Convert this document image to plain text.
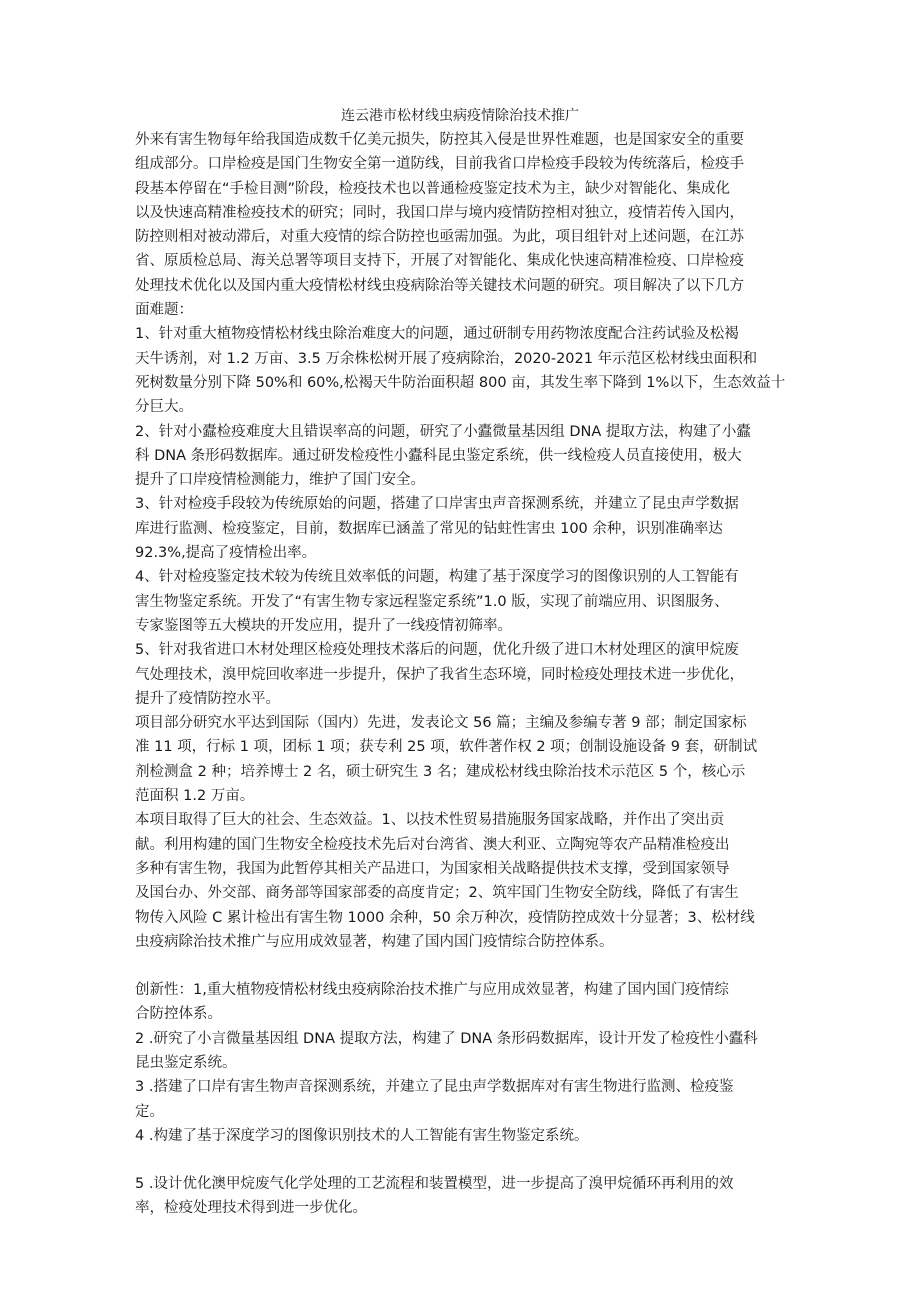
连云港市松材线虫病疫情除治技术推广

外来有害生物每年给我国造成数千亿美元损失，防控其入侵是世界性难题，也是国家安全的重要

组成部分。口岸检疫是国门生物安全第一道防线，目前我省口岸检疫手段较为传统落后，检疫手

段基本停留在“手检目测”阶段，检疫技术也以普通检疫鉴定技术为主，缺少对智能化、集成化

以及快速高精准检疫技术的研究；同时，我国口岸与境内疫情防控相对独立，疫情若传入国内，

防控则相对被动滞后，对重大疫情的综合防控也亟需加强。为此，项目组针对上述问题，在江苏

省、原质检总局、海关总署等项目支持下，开展了对智能化、集成化快速高精准检疫、口岸检疫

处理技术优化以及国内重大疫情松材线虫疫病除治等关键技术问题的研究。项目解决了以下几方

面难题：

1、针对重大植物疫情松材线虫除治难度大的问题，通过研制专用药物浓度配合注药试验及松褐

天牛诱剂，对 1.2 万亩、3.5 万余株松树开展了疫病除治，2020-2021 年示范区松材线虫面积和

死树数量分别下降 50%和 60%,松褐天牛防治面积超 800 亩，其发生率下降到 1%以下，生态效益十

分巨大。

2、针对小蠹检疫难度大且错误率高的问题，研究了小蠹微量基因组 DNA 提取方法，构建了小蠹

科 DNA 条形码数据库。通过研发检疫性小蠹科昆虫鉴定系统，供一线检疫人员直接使用，极大

提升了口岸疫情检测能力，维护了国门安全。

3、针对检疫手段较为传统原始的问题，搭建了口岸害虫声音探测系统，并建立了昆虫声学数据

库进行监测、检疫鉴定，目前，数据库已涵盖了常见的钻蛀性害虫 100 余种，识别准确率达

92.3%,提高了疫情检出率。

4、针对检疫鉴定技术较为传统且效率低的问题，构建了基于深度学习的图像识别的人工智能有

害生物鉴定系统。开发了“有害生物专家远程鉴定系统”1.0 版，实现了前端应用、识图服务、

专家鉴图等五大模块的开发应用，提升了一线疫情初筛率。

5、针对我省进口木材处理区检疫处理技术落后的问题，优化升级了进口木材处理区的演甲烷废

气处理技术，溴甲烷回收率进一步提升，保护了我省生态环境，同时检疫处理技术进一步优化，

提升了疫情防控水平。

项目部分研究水平达到国际（国内）先进，发表论文 56 篇；主编及参编专著 9 部；制定国家标

准 11 项，行标 1 项，团标 1 项；获专利 25 项，软件著作权 2 项；创制设施设备 9 套，研制试

剂检测盒 2 种；培养博士 2 名，硕士研究生 3 名；建成松材线虫除治技术示范区 5 个，核心示

范面积 1.2 万亩。

本项目取得了巨大的社会、生态效益。1、以技术性贸易措施服务国家战略，并作出了突出贡

献。利用构建的国门生物安全检疫技术先后对台湾省、澳大利亚、立陶宛等农产品精准检疫出

多种有害生物，我国为此暂停其相关产品进口，为国家相关战略提供技术支撑，受到国家领导

及国台办、外交部、商务部等国家部委的高度肯定；2、筑牢国门生物安全防线，降低了有害生

物传入风险 C 累计检出有害生物 1000 余种，50 余万种次，疫情防控成效十分显著；3、松材线

虫疫病除治技术推广与应用成效显著，构建了国内国门疫情综合防控体系。

创新性：1,重大植物疫情松材线虫疫病除治技术推广与应用成效显著，构建了国内国门疫情综

合防控体系。

2 .研究了小言微量基因组 DNA 提取方法，构建了 DNA 条形码数据库，设计开发了检疫性小蠹科

昆虫鉴定系统。

3 .搭建了口岸有害生物声音探测系统，并建立了昆虫声学数据库对有害生物进行监测、检疫鉴

定。

4 .构建了基于深度学习的图像识别技术的人工智能有害生物鉴定系统。

5 .设计优化澳甲烷废气化学处理的工艺流程和装置模型，进一步提高了溴甲烷循环再利用的效

率，检疫处理技术得到进一步优化。
